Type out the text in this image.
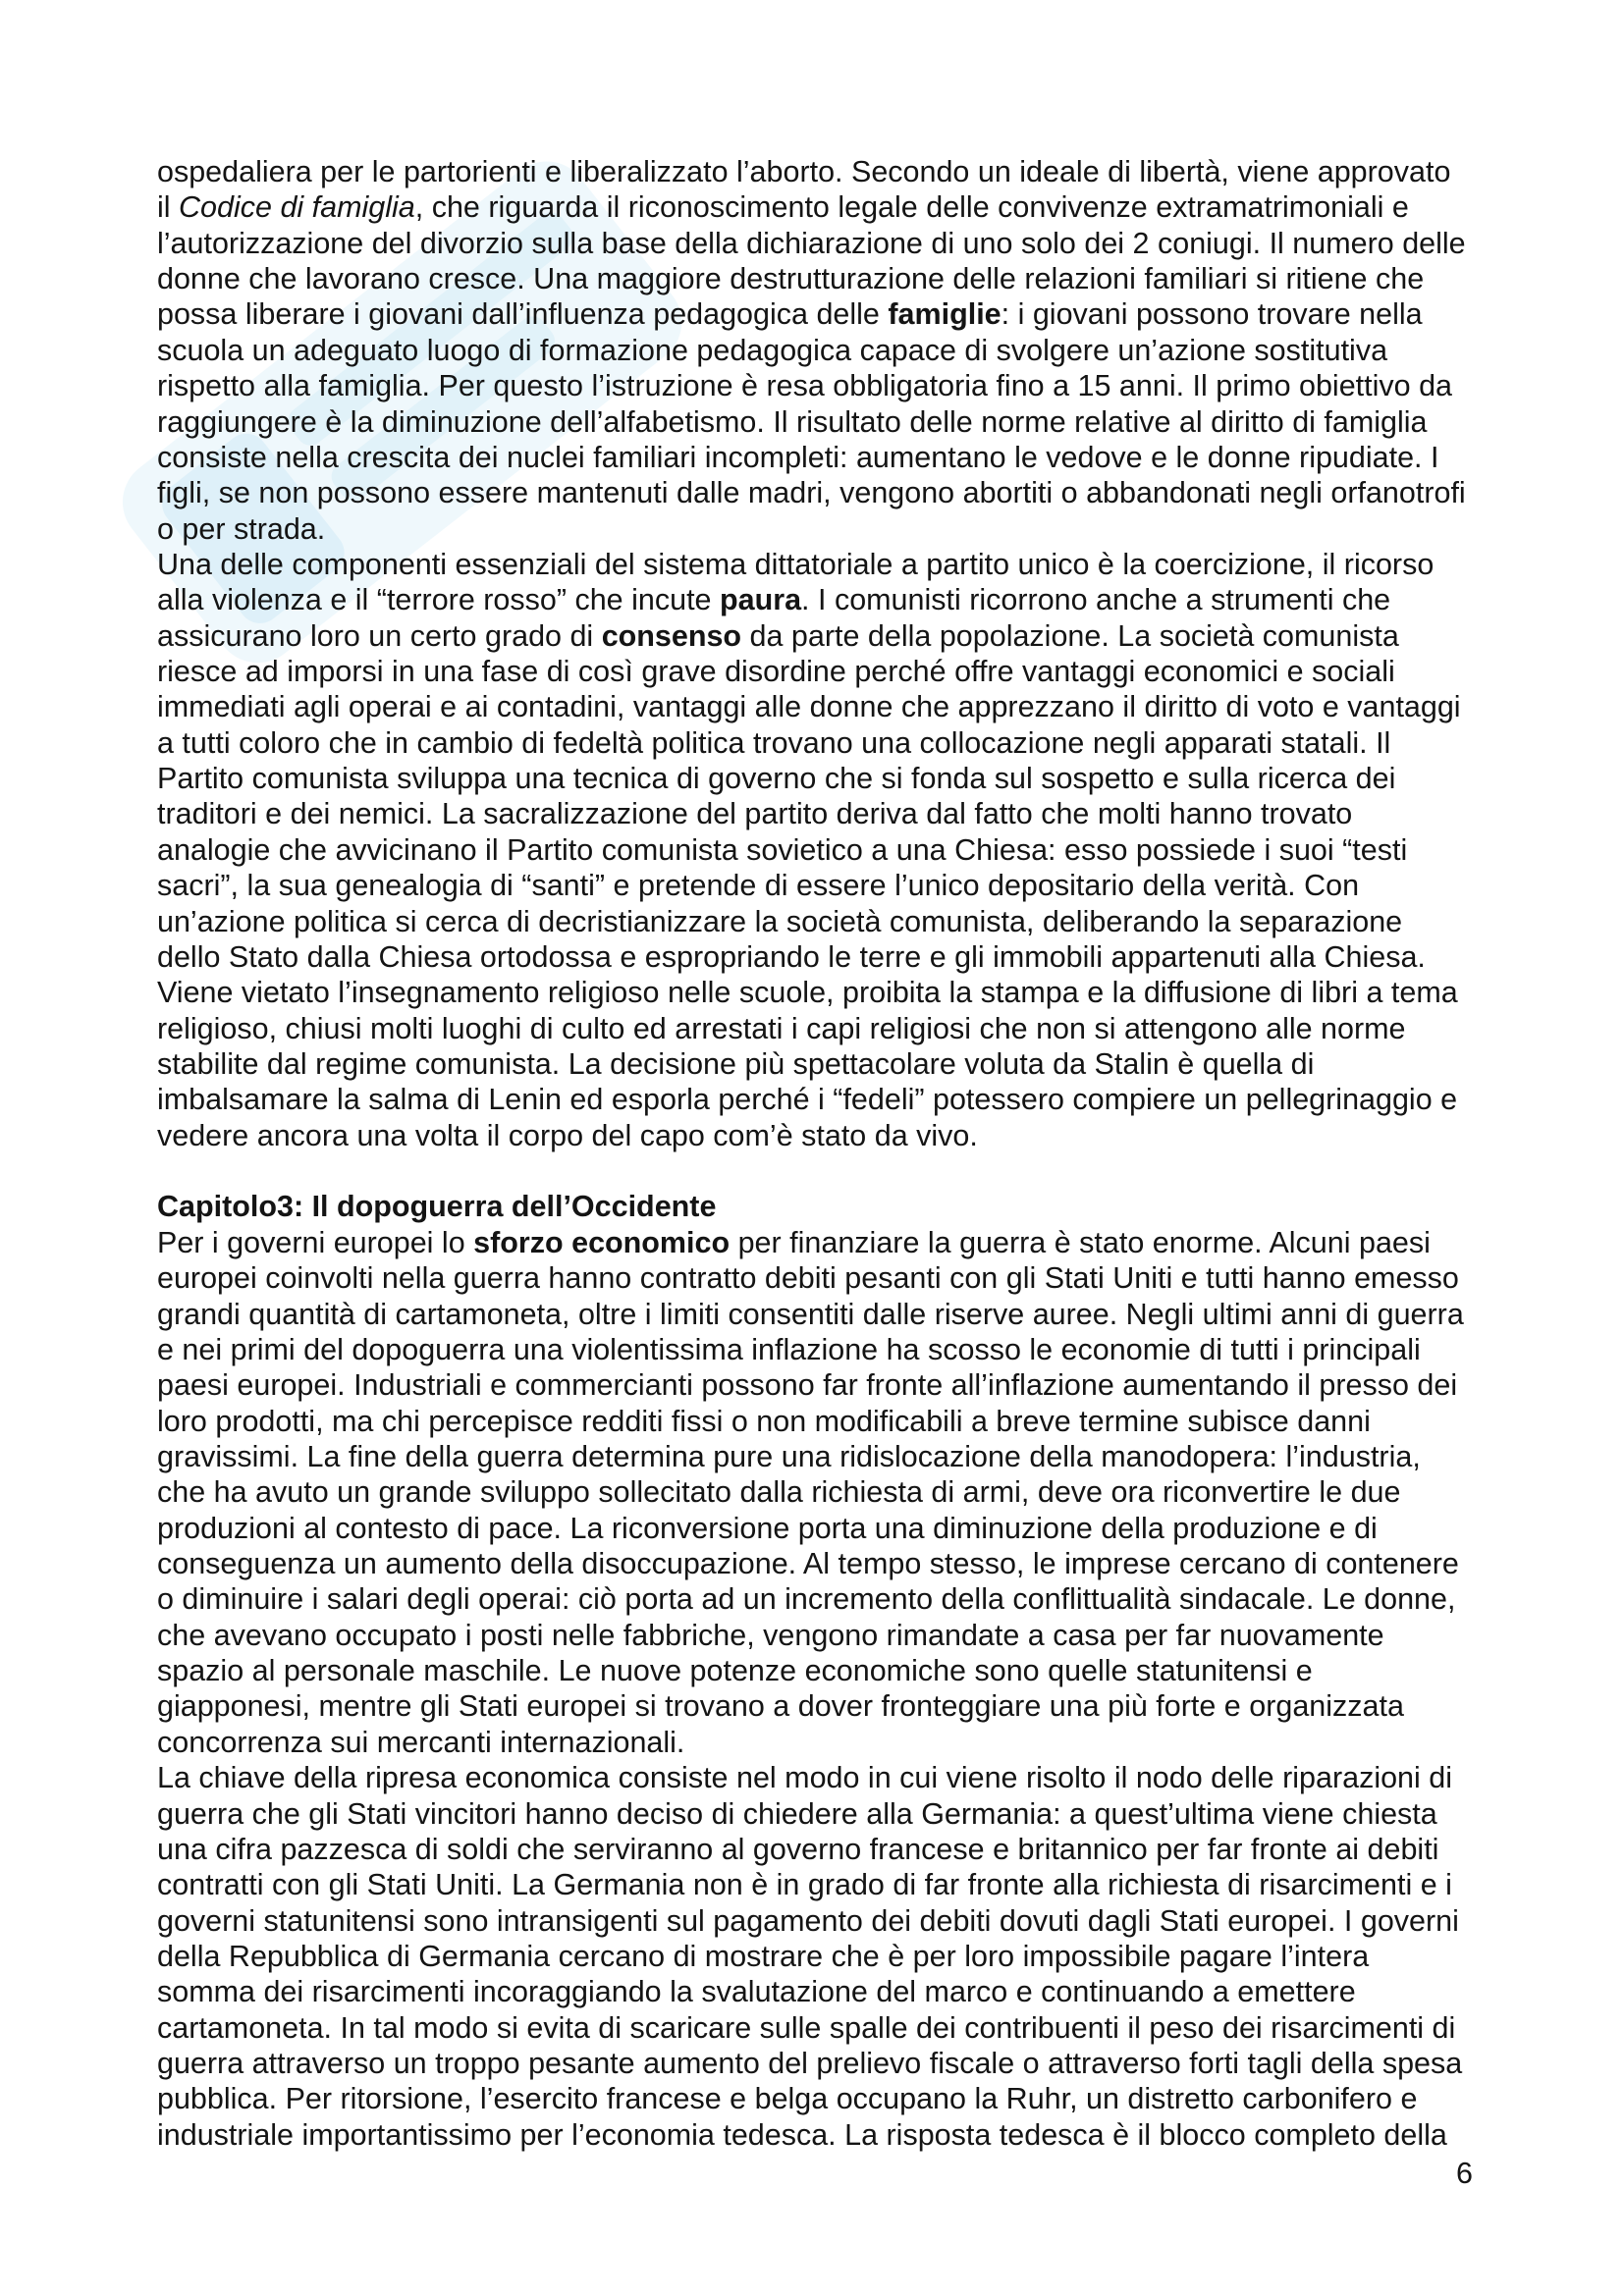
ospedaliera per le partorienti e liberalizzato l’aborto. Secondo un ideale di libertà, viene approvato
il Codice di famiglia, che riguarda il riconoscimento legale delle convivenze extramatrimoniali e
l’autorizzazione del divorzio sulla base della dichiarazione di uno solo dei 2 coniugi. Il numero delle
donne che lavorano cresce. Una maggiore destrutturazione delle relazioni familiari si ritiene che
possa liberare i giovani dall’influenza pedagogica delle famiglie: i giovani possono trovare nella
scuola un adeguato luogo di formazione pedagogica capace di svolgere un’azione sostitutiva
rispetto alla famiglia. Per questo l’istruzione è resa obbligatoria fino a 15 anni. Il primo obiettivo da
raggiungere è la diminuzione dell’alfabetismo. Il risultato delle norme relative al diritto di famiglia
consiste nella crescita dei nuclei familiari incompleti: aumentano le vedove e le donne ripudiate. I
figli, se non possono essere mantenuti dalle madri, vengono abortiti o abbandonati negli orfanotrofi
o per strada.
Una delle componenti essenziali del sistema dittatoriale a partito unico è la coercizione, il ricorso
alla violenza e il “terrore rosso” che incute paura. I comunisti ricorrono anche a strumenti che
assicurano loro un certo grado di consenso da parte della popolazione. La società comunista
riesce ad imporsi in una fase di così grave disordine perché offre vantaggi economici e sociali
immediati agli operai e ai contadini, vantaggi alle donne che apprezzano il diritto di voto e vantaggi
a tutti coloro che in cambio di fedeltà politica trovano una collocazione negli apparati statali. Il
Partito comunista sviluppa una tecnica di governo che si fonda sul sospetto e sulla ricerca dei
traditori e dei nemici. La sacralizzazione del partito deriva dal fatto che molti hanno trovato
analogie che avvicinano il Partito comunista sovietico a una Chiesa: esso possiede i suoi “testi
sacri”, la sua genealogia di “santi” e pretende di essere l’unico depositario della verità. Con
un’azione politica si cerca di decristianizzare la società comunista, deliberando la separazione
dello Stato dalla Chiesa ortodossa e espropriando le terre e gli immobili appartenuti alla Chiesa.
Viene vietato l’insegnamento religioso nelle scuole, proibita la stampa e la diffusione di libri a tema
religioso, chiusi molti luoghi di culto ed arrestati i capi religiosi che non si attengono alle norme
stabilite dal regime comunista. La decisione più spettacolare voluta da Stalin è quella di
imbalsamare la salma di Lenin ed esporla perché i “fedeli” potessero compiere un pellegrinaggio e
vedere ancora una volta il corpo del capo com’è stato da vivo.
Capitolo3: Il dopoguerra dell’Occidente
Per i governi europei lo sforzo economico per finanziare la guerra è stato enorme. Alcuni paesi
europei coinvolti nella guerra hanno contratto debiti pesanti con gli Stati Uniti e tutti hanno emesso
grandi quantità di cartamoneta, oltre i limiti consentiti dalle riserve auree. Negli ultimi anni di guerra
e nei primi del dopoguerra una violentissima inflazione ha scosso le economie di tutti i principali
paesi europei. Industriali e commercianti possono far fronte all’inflazione aumentando il presso dei
loro prodotti, ma chi percepisce redditi fissi o non modificabili a breve termine subisce danni
gravissimi. La fine della guerra determina pure una ridislocazione della manodopera: l’industria,
che ha avuto un grande sviluppo sollecitato dalla richiesta di armi, deve ora riconvertire le due
produzioni al contesto di pace. La riconversione porta una diminuzione della produzione e di
conseguenza un aumento della disoccupazione. Al tempo stesso, le imprese cercano di contenere
o diminuire i salari degli operai: ciò porta ad un incremento della conflittualità sindacale. Le donne,
che avevano occupato i posti nelle fabbriche, vengono rimandate a casa per far nuovamente
spazio al personale maschile. Le nuove potenze economiche sono quelle statunitensi e
giapponesi, mentre gli Stati europei si trovano a dover fronteggiare una più forte e organizzata
concorrenza sui mercanti internazionali.
La chiave della ripresa economica consiste nel modo in cui viene risolto il nodo delle riparazioni di
guerra che gli Stati vincitori hanno deciso di chiedere alla Germania: a quest’ultima viene chiesta
una cifra pazzesca di soldi che serviranno al governo francese e britannico per far fronte ai debiti
contratti con gli Stati Uniti. La Germania non è in grado di far fronte alla richiesta di risarcimenti e i
governi statunitensi sono intransigenti sul pagamento dei debiti dovuti dagli Stati europei. I governi
della Repubblica di Germania cercano di mostrare che è per loro impossibile pagare l’intera
somma dei risarcimenti incoraggiando la svalutazione del marco e continuando a emettere
cartamoneta. In tal modo si evita di scaricare sulle spalle dei contribuenti il peso dei risarcimenti di
guerra attraverso un troppo pesante aumento del prelievo fiscale o attraverso forti tagli della spesa
pubblica. Per ritorsione, l’esercito francese e belga occupano la Ruhr, un distretto carbonifero e
industriale importantissimo per l’economia tedesca. La risposta tedesca è il blocco completo della
6
